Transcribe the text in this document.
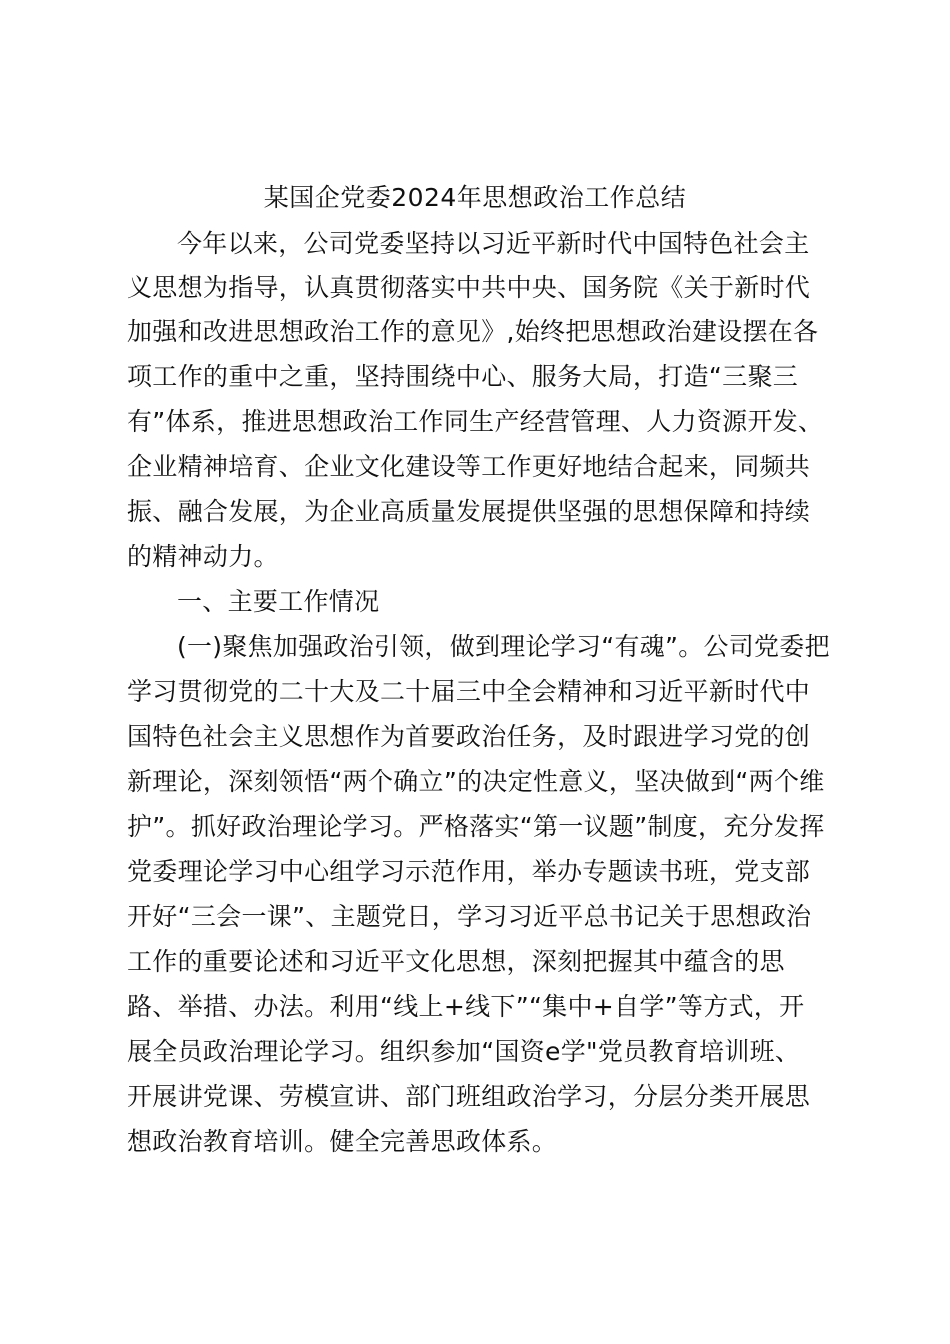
某国企党委2024年思想政治工作总结
今年以来，公司党委坚持以习近平新时代中国特色社会主
义思想为指导，认真贯彻落实中共中央、国务院《关于新时代
加强和改进思想政治工作的意见》,始终把思想政治建设摆在各
项工作的重中之重，坚持围绕中心、服务大局，打造“三聚三
有”体系，推进思想政治工作同生产经营管理、人力资源开发、
企业精神培育、企业文化建设等工作更好地结合起来，同频共
振、融合发展，为企业高质量发展提供坚强的思想保障和持续
的精神动力。
一、主要工作情况
(一)聚焦加强政治引领，做到理论学习“有魂”。公司党委把
学习贯彻党的二十大及二十届三中全会精神和习近平新时代中
国特色社会主义思想作为首要政治任务，及时跟进学习党的创
新理论，深刻领悟“两个确立”的决定性意义，坚决做到“两个维
护”。抓好政治理论学习。严格落实“第一议题”制度，充分发挥
党委理论学习中心组学习示范作用，举办专题读书班，党支部
开好“三会一课”、主题党日，学习习近平总书记关于思想政治
工作的重要论述和习近平文化思想，深刻把握其中蕴含的思
路、举措、办法。利用“线上+线下”“集中+自学”等方式，开
展全员政治理论学习。组织参加“国资e学"党员教育培训班、
开展讲党课、劳模宣讲、部门班组政治学习，分层分类开展思
想政治教育培训。健全完善思政体系。
